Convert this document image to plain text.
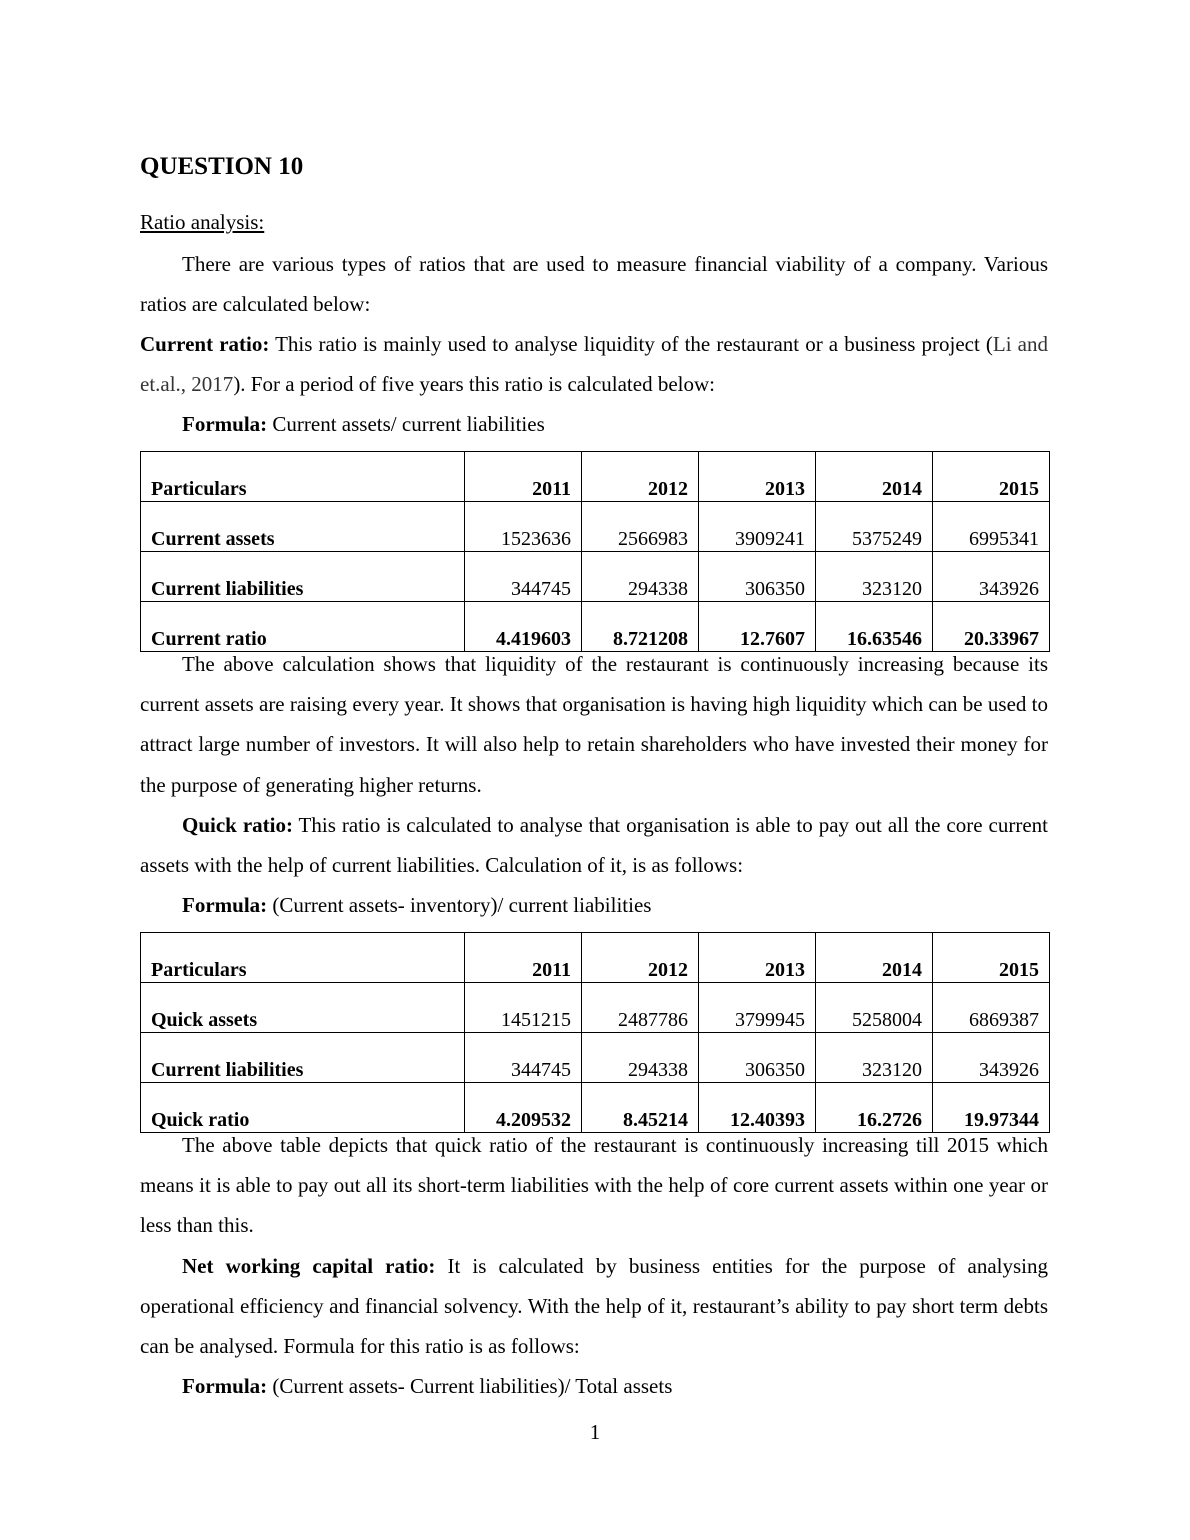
QUESTION 10
Ratio analysis:

There are various types of ratios that are used to measure financial viability of a company. Various ratios are calculated below:

Current ratio: This ratio is mainly used to analyse liquidity of the restaurant or a business project (Li and et.al., 2017). For a period of five years this ratio is calculated below:

Formula: Current assets/ current liabilities
Particulars	2011	2012	2013	2014	2015
Current assets	1523636	2566983	3909241	5375249	6995341
Current liabilities	344745	294338	306350	323120	343926
Current ratio	4.419603	8.721208	12.7607	16.63546	20.33967

The above calculation shows that liquidity of the restaurant is continuously increasing because its current assets are raising every year. It shows that organisation is having high liquidity which can be used to attract large number of investors. It will also help to retain shareholders who have invested their money for the purpose of generating higher returns.

Quick ratio: This ratio is calculated to analyse that organisation is able to pay out all the core current assets with the help of current liabilities. Calculation of it, is as follows:

Formula: (Current assets- inventory)/ current liabilities
Particulars	2011	2012	2013	2014	2015
Quick assets	1451215	2487786	3799945	5258004	6869387
Current liabilities	344745	294338	306350	323120	343926
Quick ratio	4.209532	8.45214	12.40393	16.2726	19.97344

The above table depicts that quick ratio of the restaurant is continuously increasing till 2015 which means it is able to pay out all its short-term liabilities with the help of core current assets within one year or less than this.

Net working capital ratio: It is calculated by business entities for the purpose of analysing operational efficiency and financial solvency. With the help of it, restaurant’s ability to pay short term debts can be analysed. Formula for this ratio is as follows:

Formula: (Current assets- Current liabilities)/ Total assets
1
